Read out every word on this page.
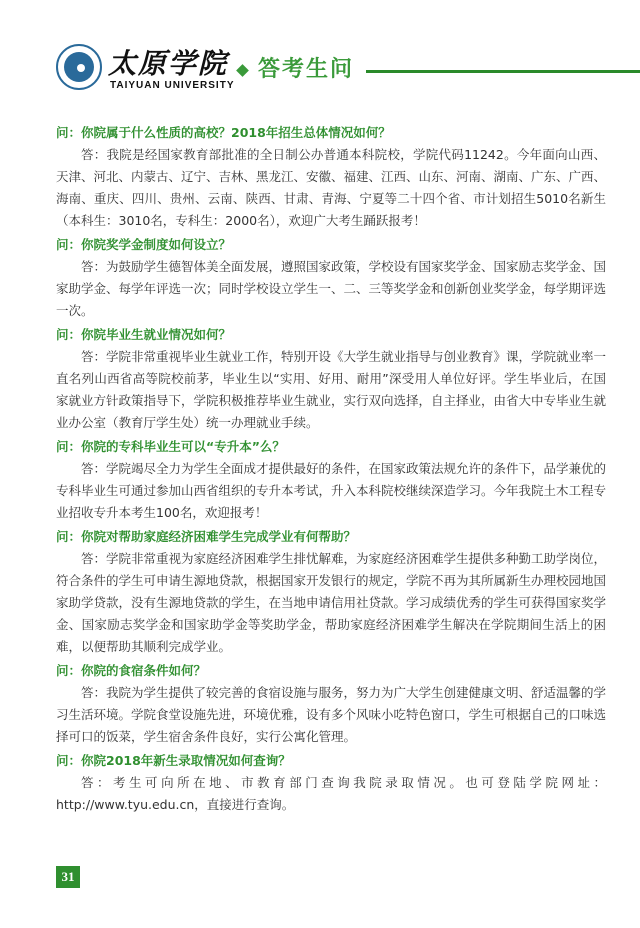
太原学院
TAIYUAN UNIVERSITY
答考生问

问：你院属于什么性质的高校？2018年招生总体情况如何？

答：我院是经国家教育部批准的全日制公办普通本科院校，学院代码11242。今年面向山西、天津、河北、内蒙古、辽宁、吉林、黑龙江、安徽、福建、江西、山东、河南、湖南、广东、广西、海南、重庆、四川、贵州、云南、陕西、甘肃、青海、宁夏等二十四个省、市计划招生5010名新生（本科生：3010名，专科生：2000名），欢迎广大考生踊跃报考！

问：你院奖学金制度如何设立？

答：为鼓励学生德智体美全面发展，遵照国家政策，学校设有国家奖学金、国家励志奖学金、国家助学金、每学年评选一次；同时学校设立学生一、二、三等奖学金和创新创业奖学金，每学期评选一次。

问：你院毕业生就业情况如何？

答：学院非常重视毕业生就业工作，特别开设《大学生就业指导与创业教育》课，学院就业率一直名列山西省高等院校前茅，毕业生以“实用、好用、耐用”深受用人单位好评。学生毕业后，在国家就业方针政策指导下，学院积极推荐毕业生就业，实行双向选择，自主择业，由省大中专毕业生就业办公室（教育厅学生处）统一办理就业手续。

问：你院的专科毕业生可以“专升本”么？

答：学院竭尽全力为学生全面成才提供最好的条件，在国家政策法规允许的条件下，品学兼优的专科毕业生可通过参加山西省组织的专升本考试，升入本科院校继续深造学习。今年我院土木工程专业招收专升本考生100名，欢迎报考！

问：你院对帮助家庭经济困难学生完成学业有何帮助？

答：学院非常重视为家庭经济困难学生排忧解难，为家庭经济困难学生提供多种勤工助学岗位，符合条件的学生可申请生源地贷款，根据国家开发银行的规定，学院不再为其所属新生办理校园地国家助学贷款，没有生源地贷款的学生，在当地申请信用社贷款。学习成绩优秀的学生可获得国家奖学金、国家励志奖学金和国家助学金等奖助学金，帮助家庭经济困难学生解决在学院期间生活上的困难，以便帮助其顺利完成学业。

问：你院的食宿条件如何？

答：我院为学生提供了较完善的食宿设施与服务，努力为广大学生创建健康文明、舒适温馨的学习生活环境。学院食堂设施先进，环境优雅，设有多个风味小吃特色窗口，学生可根据自己的口味选择可口的饭菜，学生宿舍条件良好，实行公寓化管理。

问：你院2018年新生录取情况如何查询？

答：考生可向所在地、市教育部门查询我院录取情况。也可登陆学院网址：http://www.tyu.edu.cn，直接进行查询。

31
